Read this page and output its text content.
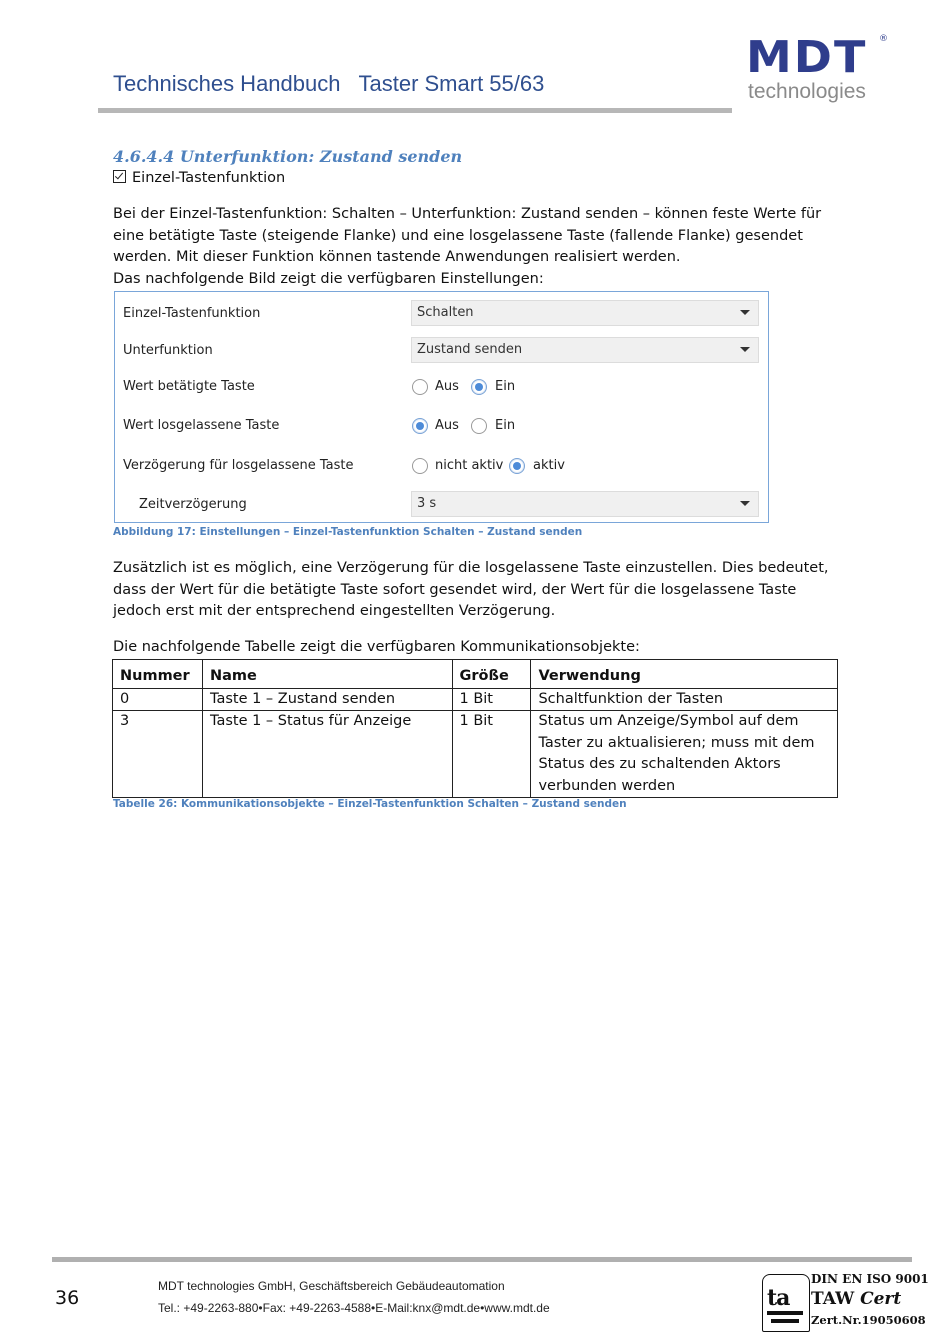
Technisches Handbuch Taster Smart 55/63
MDT ®
technologies
4.6.4.4 Unterfunktion: Zustand senden
Einzel-Tastenfunktion
Bei der Einzel-Tastenfunktion: Schalten – Unterfunktion: Zustand senden – können feste Werte für
eine betätigte Taste (steigende Flanke) und eine losgelassene Taste (fallende Flanke) gesendet
werden. Mit dieser Funktion können tastende Anwendungen realisiert werden.
Das nachfolgende Bild zeigt die verfügbaren Einstellungen:
Einzel-Tastenfunktion	Schalten
Unterfunktion	Zustand senden
Wert betätigte Taste	Aus	Ein
Wert losgelassene Taste	Aus	Ein
Verzögerung für losgelassene Taste	nicht aktiv aktiv
Zeitverzögerung	3 s
Abbildung 17: Einstellungen – Einzel-Tastenfunktion Schalten – Zustand senden
Zusätzlich ist es möglich, eine Verzögerung für die losgelassene Taste einzustellen. Dies bedeutet,
dass der Wert für die betätigte Taste sofort gesendet wird, der Wert für die losgelassene Taste
jedoch erst mit der entsprechend eingestellten Verzögerung.
Die nachfolgende Tabelle zeigt die verfügbaren Kommunikationsobjekte:
Nummer	Name	Größe	Verwendung
0	Taste 1 – Zustand senden	1 Bit	Schaltfunktion der Tasten
3	Taste 1 – Status für Anzeige	1 Bit	Status um Anzeige/Symbol auf dem Taster zu aktualisieren; muss mit dem Status des zu schaltenden Aktors verbunden werden
Tabelle 26: Kommunikationsobjekte – Einzel-Tastenfunktion Schalten – Zustand senden
36
MDT technologies GmbH, Geschäftsbereich Gebäudeautomation
Tel.: +49-2263-880•Fax: +49-2263-4588•E-Mail:knx@mdt.de•www.mdt.de	ta
DIN EN ISO 9001
TAW Cert
Zert.Nr.19050608
